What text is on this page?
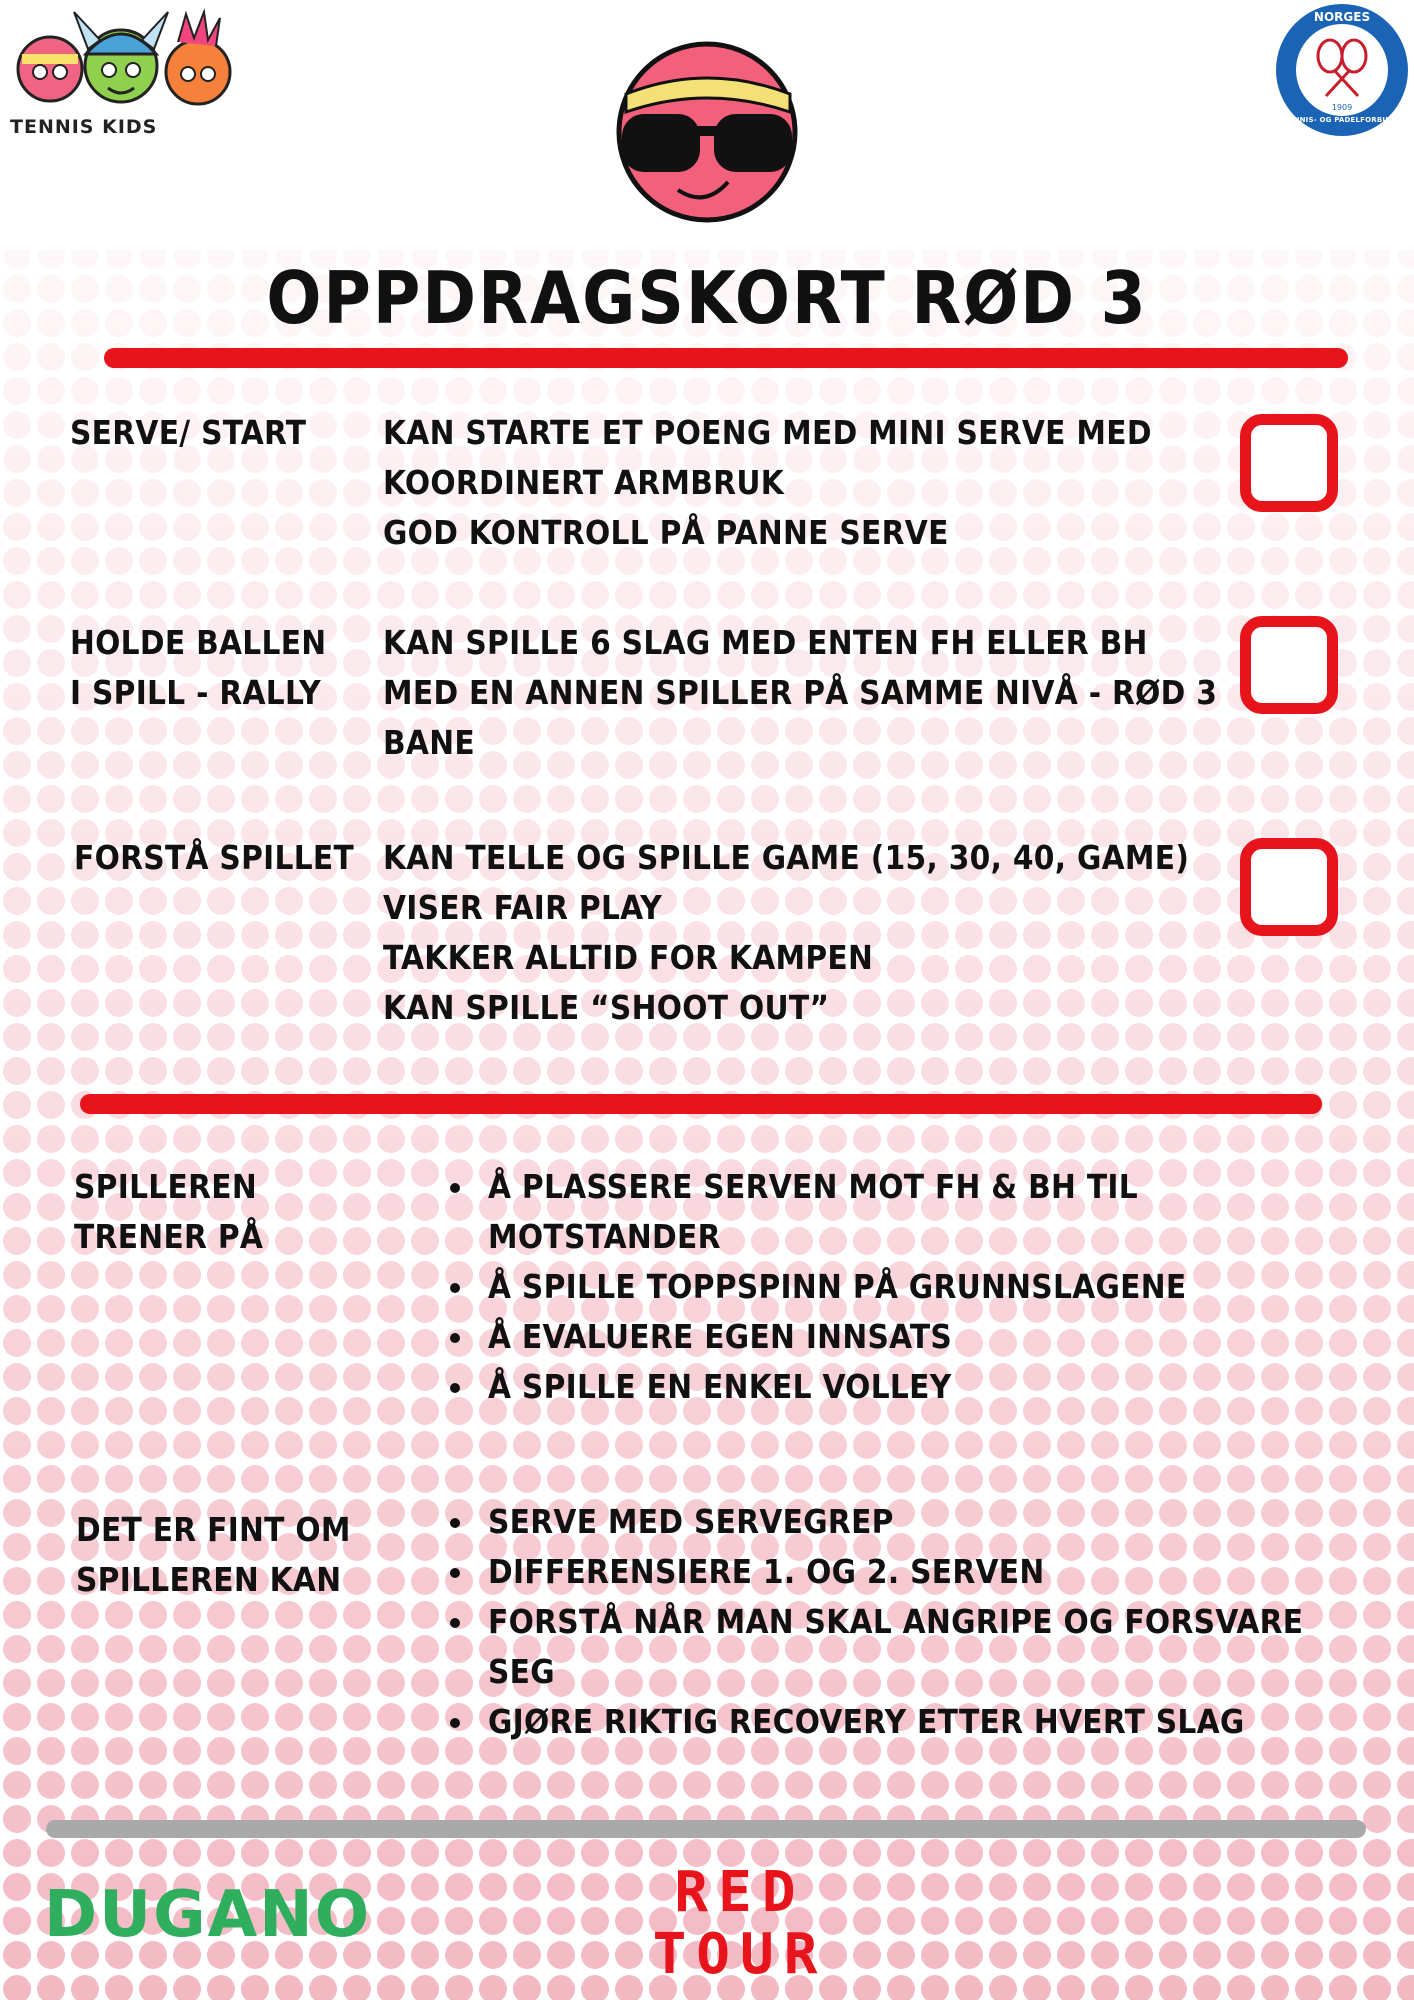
TENNIS KIDS
NORGES
1909
TENNIS- OG PADELFORBUND
OPPDRAGSKORT RØD 3
SERVE/ START	KAN STARTE ET POENG MED MINI SERVE MED
KOORDINERT ARMBRUK
GOD KONTROLL PÅ PANNE SERVE
HOLDE BALLEN
I SPILL - RALLY
KAN SPILLE 6 SLAG MED ENTEN FH ELLER BH
MED EN ANNEN SPILLER PÅ SAMME NIVÅ - RØD 3
BANE
FORSTÅ SPILLET KAN TELLE OG SPILLE GAME (15, 30, 40, GAME)
VISER FAIR PLAY
TAKKER ALLTID FOR KAMPEN
KAN SPILLE “SHOOT OUT”
SPILLEREN
TRENER PÅ
Å PLASSERE SERVEN MOT FH & BH TIL MOTSTANDER
Å SPILLE TOPPSPINN PÅ GRUNNSLAGENE
Å EVALUERE EGEN INNSATS
Å SPILLE EN ENKEL VOLLEY
DET ER FINT OM
SPILLEREN KAN
SERVE MED SERVEGREP
DIFFERENSIERE 1. OG 2. SERVEN
FORSTÅ NÅR MAN SKAL ANGRIPE OG FORSVARE SEG
GJØRE RIKTIG RECOVERY ETTER HVERT SLAG
DUGANO	RED
TOUR
